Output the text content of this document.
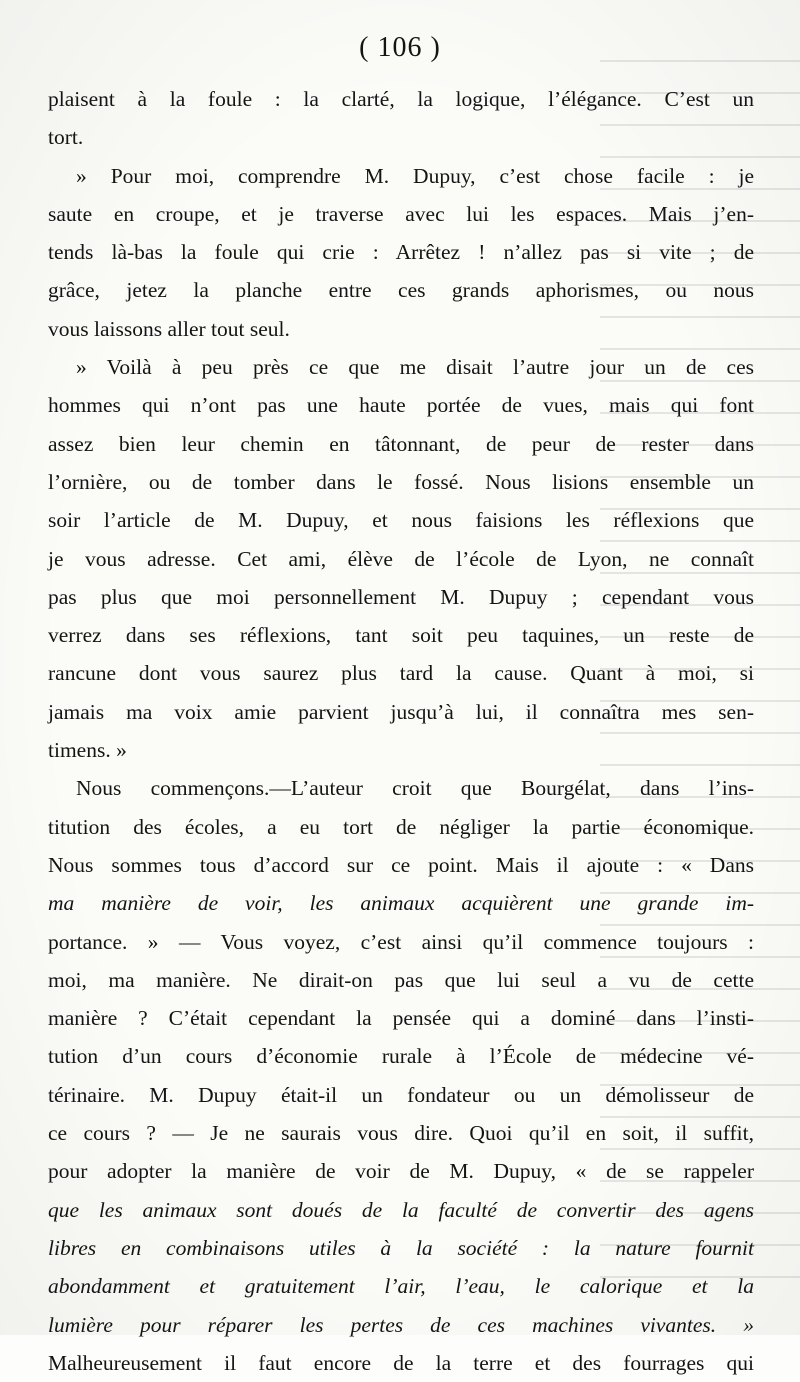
( 106 )
plaisent à la foule : la clarté, la logique, l’élégance. C’est un
tort.
» Pour moi, comprendre M. Dupuy, c’est chose facile : je
saute en croupe, et je traverse avec lui les espaces. Mais j’en-
tends là-bas la foule qui crie : Arrêtez ! n’allez pas si vite ; de
grâce, jetez la planche entre ces grands aphorismes, ou nous
vous laissons aller tout seul.
» Voilà à peu près ce que me disait l’autre jour un de ces
hommes qui n’ont pas une haute portée de vues, mais qui font
assez bien leur chemin en tâtonnant, de peur de rester dans
l’ornière, ou de tomber dans le fossé. Nous lisions ensemble un
soir l’article de M. Dupuy, et nous faisions les réflexions que
je vous adresse. Cet ami, élève de l’école de Lyon, ne connaît
pas plus que moi personnellement M. Dupuy ; cependant vous
verrez dans ses réflexions, tant soit peu taquines, un reste de
rancune dont vous saurez plus tard la cause. Quant à moi, si
jamais ma voix amie parvient jusqu’à lui, il connaîtra mes sen-
timens. »
Nous commençons.—L’auteur croit que Bourgélat, dans l’ins-
titution des écoles, a eu tort de négliger la partie économique.
Nous sommes tous d’accord sur ce point. Mais il ajoute : « Dans
ma manière de voir, les animaux acquièrent une grande im-
portance. » — Vous voyez, c’est ainsi qu’il commence toujours :
moi, ma manière. Ne dirait-on pas que lui seul a vu de cette
manière ? C’était cependant la pensée qui a dominé dans l’insti-
tution d’un cours d’économie rurale à l’École de médecine vé-
térinaire. M. Dupuy était-il un fondateur ou un démolisseur de
ce cours ? — Je ne saurais vous dire. Quoi qu’il en soit, il suffit,
pour adopter la manière de voir de M. Dupuy, « de se rappeler
que les animaux sont doués de la faculté de convertir des agens
libres en combinaisons utiles à la société : la nature fournit
abondamment et gratuitement l’air, l’eau, le calorique et la
lumière pour réparer les pertes de ces machines vivantes. »
Malheureusement il faut encore de la terre et des fourrages qui
